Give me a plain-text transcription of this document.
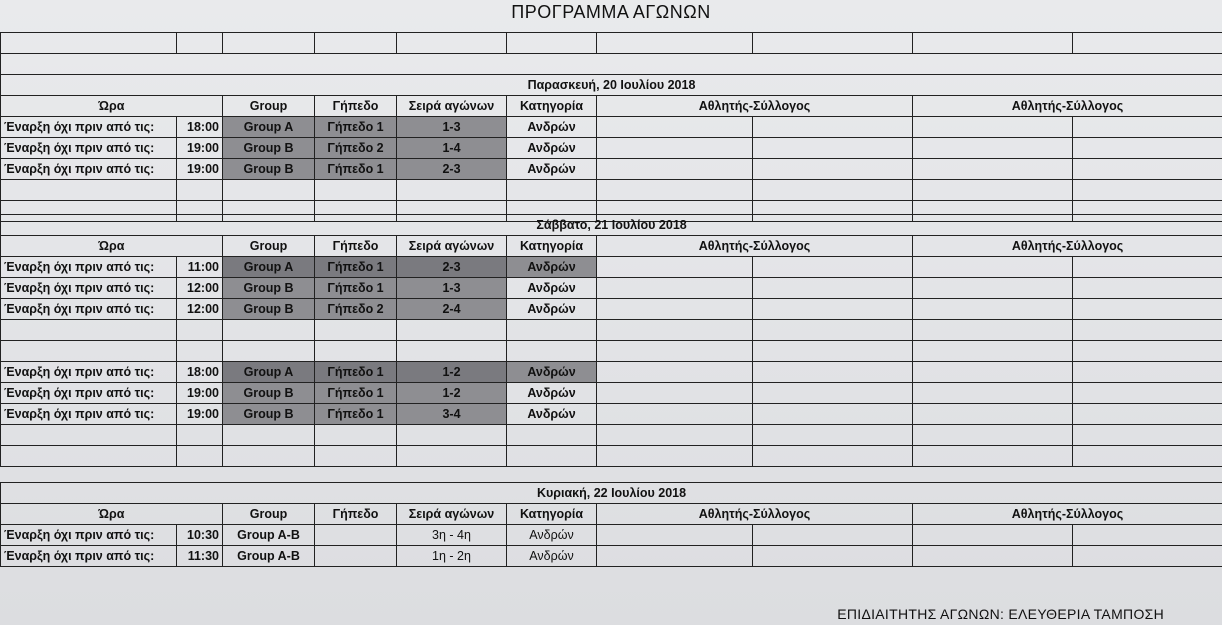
ΠΡΟΓΡΑΜΜΑ ΑΓΩΝΩΝ

Παρασκευή, 20 Ιουλίου 2018									
Ώρα		Group	Γήπεδο	Σειρά αγώνων	Κατηγορία	Αθλητής-Σύλλογος		Αθλητής-Σύλλογος	
Έναρξη όχι πριν από τις:	18:00	Group A	Γήπεδο 1	1-3	Ανδρών				
Έναρξη όχι πριν από τις:	19:00	Group B	Γήπεδο 2	1-4	Ανδρών				
Έναρξη όχι πριν από τις:	19:00	Group B	Γήπεδο 1	2-3	Ανδρών				

Σάββατο, 21 Ιουλίου 2018									
Ώρα		Group	Γήπεδο	Σειρά αγώνων	Κατηγορία	Αθλητής-Σύλλογος		Αθλητής-Σύλλογος	
Έναρξη όχι πριν από τις:	11:00	Group A	Γήπεδο 1	2-3	Ανδρών				
Έναρξη όχι πριν από τις:	12:00	Group B	Γήπεδο 1	1-3	Ανδρών				
Έναρξη όχι πριν από τις:	12:00	Group B	Γήπεδο 2	2-4	Ανδρών				

Έναρξη όχι πριν από τις:	18:00	Group A	Γήπεδο 1	1-2	Ανδρών				
Έναρξη όχι πριν από τις:	19:00	Group B	Γήπεδο 1	1-2	Ανδρών				
Έναρξη όχι πριν από τις:	19:00	Group B	Γήπεδο 1	3-4	Ανδρών				

Κυριακή, 22 Ιουλίου 2018									
Ώρα		Group	Γήπεδο	Σειρά αγώνων	Κατηγορία	Αθλητής-Σύλλογος		Αθλητής-Σύλλογος	
Έναρξη όχι πριν από τις:	10:30	Group A-B		3η - 4η	Ανδρών				
Έναρξη όχι πριν από τις:	11:30	Group A-B		1η - 2η	Ανδρών				
ΕΠΙΔΙΑΙΤΗΤΗΣ ΑΓΩΝΩΝ: ΕΛΕΥΘΕΡΙΑ ΤΑΜΠΟΣΗ
